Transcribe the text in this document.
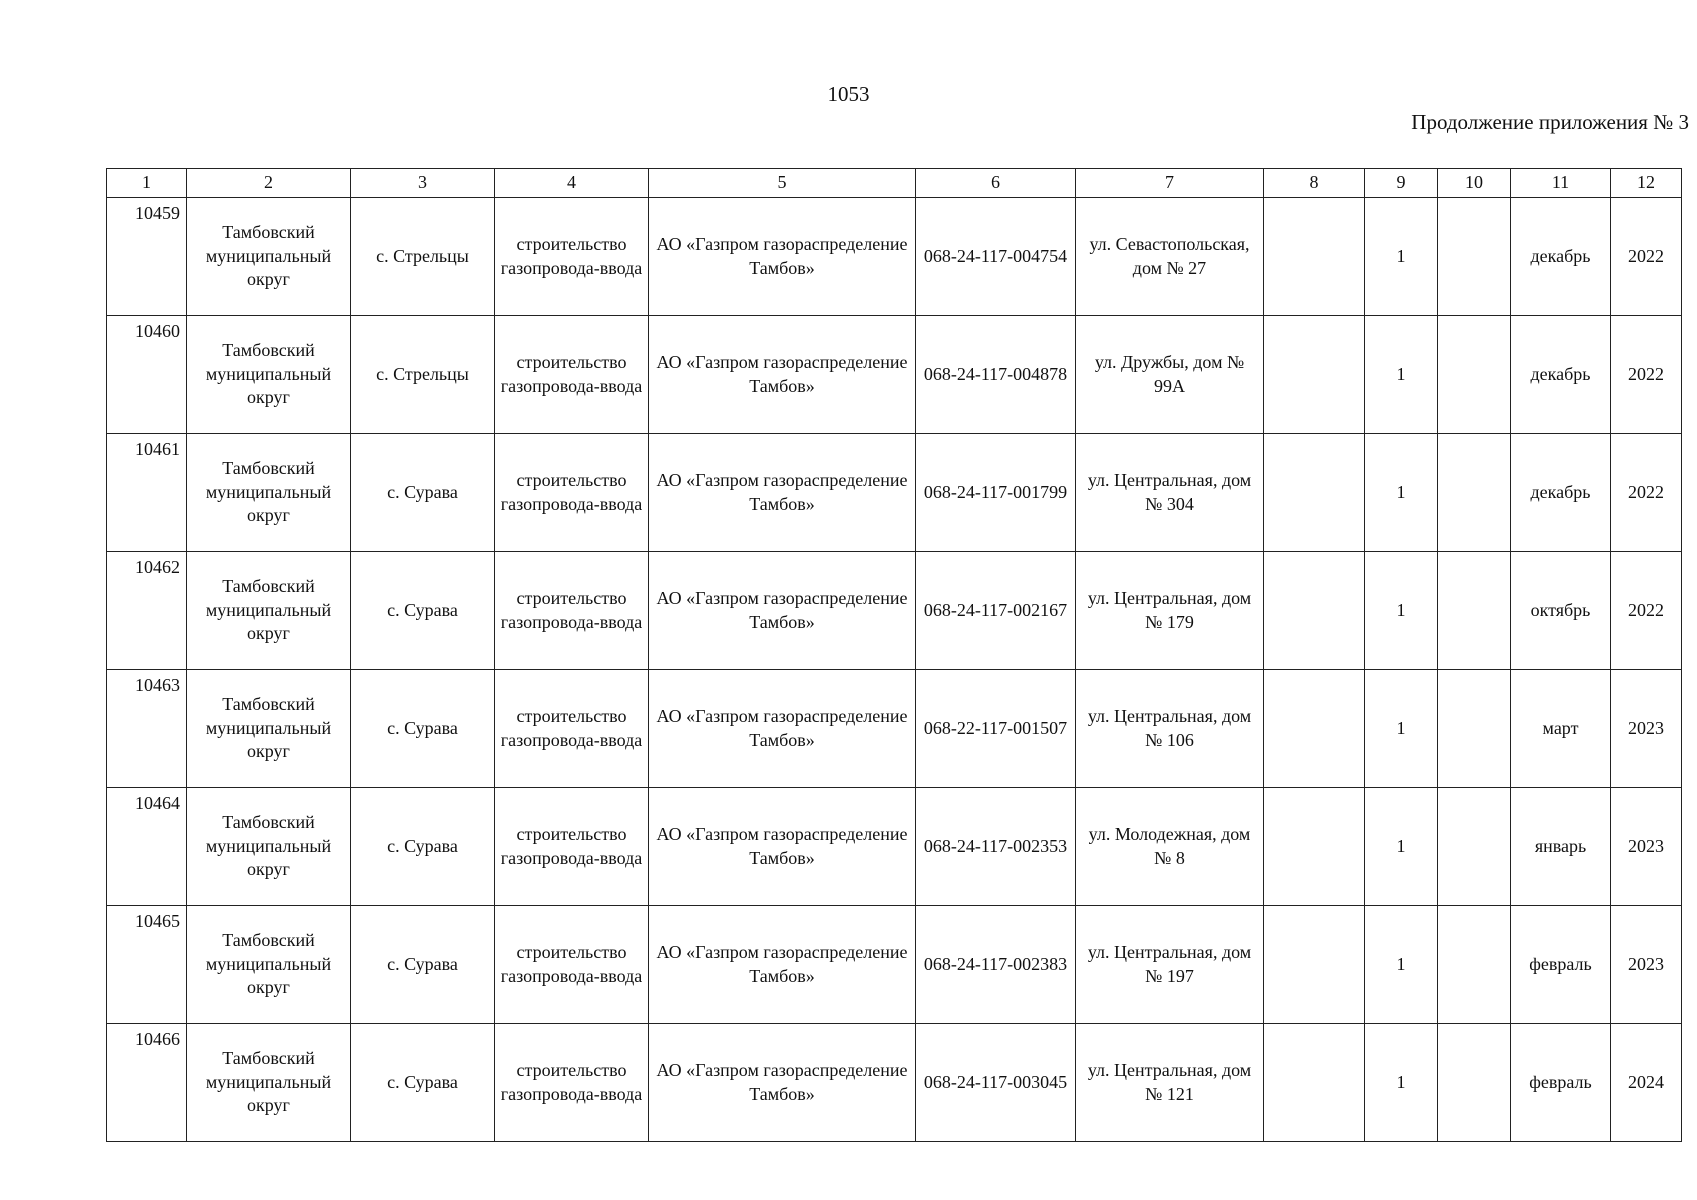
1053
Продолжение приложения № 3
1	2	3	4	5	6	7	8	9	10	11	12
10459	Тамбовский муниципальный округ	с. Стрельцы	строительство газопровода-ввода	АО «Газпром газораспределение Тамбов»	068-24-117-004754	ул. Севастопольская, дом № 27		1		декабрь	2022
10460	Тамбовский муниципальный округ	с. Стрельцы	строительство газопровода-ввода	АО «Газпром газораспределение Тамбов»	068-24-117-004878	ул. Дружбы, дом № 99А		1		декабрь	2022
10461	Тамбовский муниципальный округ	с. Сурава	строительство газопровода-ввода	АО «Газпром газораспределение Тамбов»	068-24-117-001799	ул. Центральная, дом № 304		1		декабрь	2022
10462	Тамбовский муниципальный округ	с. Сурава	строительство газопровода-ввода	АО «Газпром газораспределение Тамбов»	068-24-117-002167	ул. Центральная, дом № 179		1		октябрь	2022
10463	Тамбовский муниципальный округ	с. Сурава	строительство газопровода-ввода	АО «Газпром газораспределение Тамбов»	068-22-117-001507	ул. Центральная, дом № 106		1		март	2023
10464	Тамбовский муниципальный округ	с. Сурава	строительство газопровода-ввода	АО «Газпром газораспределение Тамбов»	068-24-117-002353	ул. Молодежная, дом № 8		1		январь	2023
10465	Тамбовский муниципальный округ	с. Сурава	строительство газопровода-ввода	АО «Газпром газораспределение Тамбов»	068-24-117-002383	ул. Центральная, дом № 197		1		февраль	2023
10466	Тамбовский муниципальный округ	с. Сурава	строительство газопровода-ввода	АО «Газпром газораспределение Тамбов»	068-24-117-003045	ул. Центральная, дом № 121		1		февраль	2024
